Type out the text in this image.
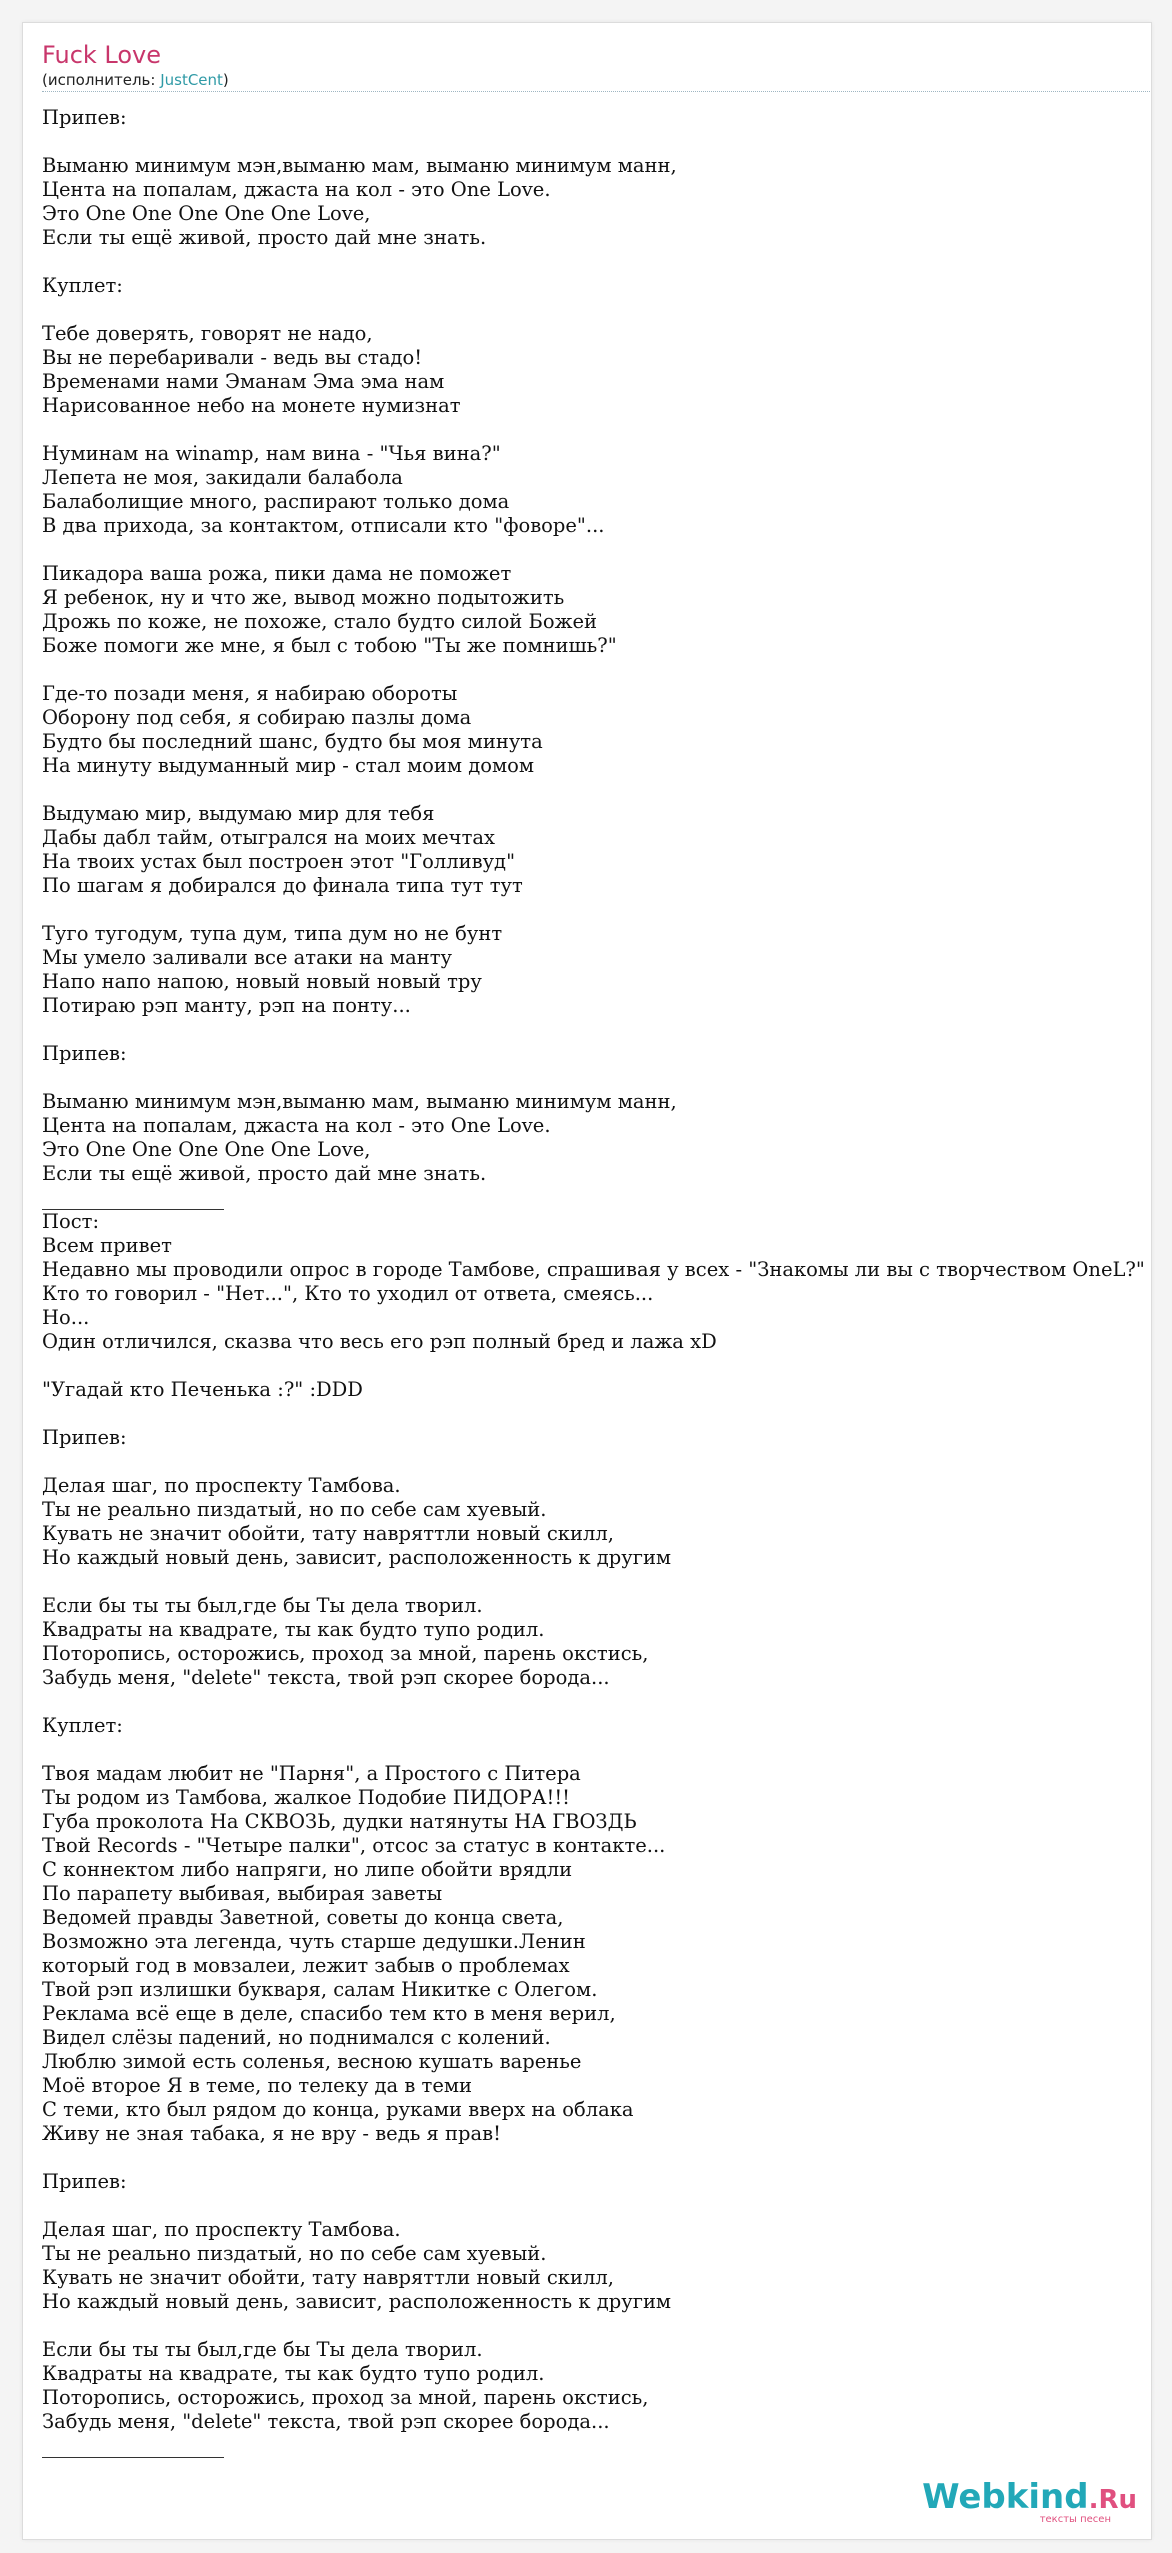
Fuck Love
(исполнитель: JustCent)
Припев:

Выманю минимум мэн,выманю мам, выманю минимум манн,
Цента на попалам, джаста на кол - это One Love.
Это One One One One One Love,
Если ты ещё живой, просто дай мне знать.

Куплет:

Тебе доверять, говорят не надо,
Вы не перебаривали - ведь вы стадо!
Временами нами Эманам Эма эма нам
Нарисованное небо на монете нумизнат

Нуминам на winamp, нам вина - "Чья вина?"
Лепета не моя, закидали балабола
Балаболищие много, распирают только дома
В два прихода, за контактом, отписали кто "фоворе"...

Пикадора ваша рожа, пики дама не поможет
Я ребенок, ну и что же, вывод можно подытожить
Дрожь по коже, не похоже, стало будто силой Божей
Боже помоги же мне, я был с тобою "Ты же помнишь?"

Где-то позади меня, я набираю обороты
Оборону под себя, я собираю пазлы дома
Будто бы последний шанс, будто бы моя минута
На минуту выдуманный мир - стал моим домом

Выдумаю мир, выдумаю мир для тебя
Дабы дабл тайм, отыгрался на моих мечтах
На твоих устах был построен этот "Голливуд"
По шагам я добирался до финала типа тут тут

Туго тугодум, тупа дум, типа дум но не бунт
Мы умело заливали все атаки на манту
Напо напо напою, новый новый новый тру
Потираю рэп манту, рэп на понту...

Припев:

Выманю минимум мэн,выманю мам, выманю минимум манн,
Цента на попалам, джаста на кол - это One Love.
Это One One One One One Love,
Если ты ещё живой, просто дай мне знать.

Пост:
Всем привет
Недавно мы проводили опрос в городе Тамбове, спрашивая у всех - "Знакомы ли вы с творчеством OneL?"
Кто то говорил - "Нет...", Кто то уходил от ответа, смеясь...
Но...
Один отличился, сказва что весь его рэп полный бред и лажа xD

"Угадай кто Печенька :?" :DDD

Припев:

Делая шаг, по проспекту Тамбова.
Ты не реально пиздатый, но по себе сам хуевый.
Кувать не значит обойти, тату навряттли новый скилл,
Но каждый новый день, зависит, расположенность к другим

Если бы ты ты был,где бы Ты дела творил.
Квадраты на квадрате, ты как будто тупо родил.
Поторопись, осторожись, проход за мной, парень окстись,
Забудь меня, "delete" текста, твой рэп скорее борода...

Куплет:

Твоя мадам любит не "Парня", а Простого с Питера
Ты родом из Тамбова, жалкое Подобие ПИДОРА!!!
Губа проколота На СКВОЗЬ, дудки натянуты НА ГВОЗДЬ
Твой Records - "Четыре палки", отсос за статус в контакте...
С коннектом либо напряги, но липе обойти врядли
По парапету выбивая, выбирая заветы
Ведомей правды Заветной, советы до конца света,
Возможно эта легенда, чуть старше дедушки.Ленин
который год в мовзалеи, лежит забыв о проблемах
Твой рэп излишки букваря, салам Никитке с Олегом.
Реклама всё еще в деле, спасибо тем кто в меня верил,
Видел слёзы падений, но поднимался с колений.
Люблю зимой есть соленья, весною кушать варенье
Моё второе Я в теме, по телеку да в теми
С теми, кто был рядом до конца, руками вверх на облака
Живу не зная табака, я не вру - ведь я прав!

Припев:

Делая шаг, по проспекту Тамбова.
Ты не реально пиздатый, но по себе сам хуевый.
Кувать не значит обойти, тату навряттли новый скилл,
Но каждый новый день, зависит, расположенность к другим

Если бы ты ты был,где бы Ты дела творил.
Квадраты на квадрате, ты как будто тупо родил.
Поторопись, осторожись, проход за мной, парень окстись,
Забудь меня, "delete" текста, твой рэп скорее борода...

Webkind.Ru
тексты песен
